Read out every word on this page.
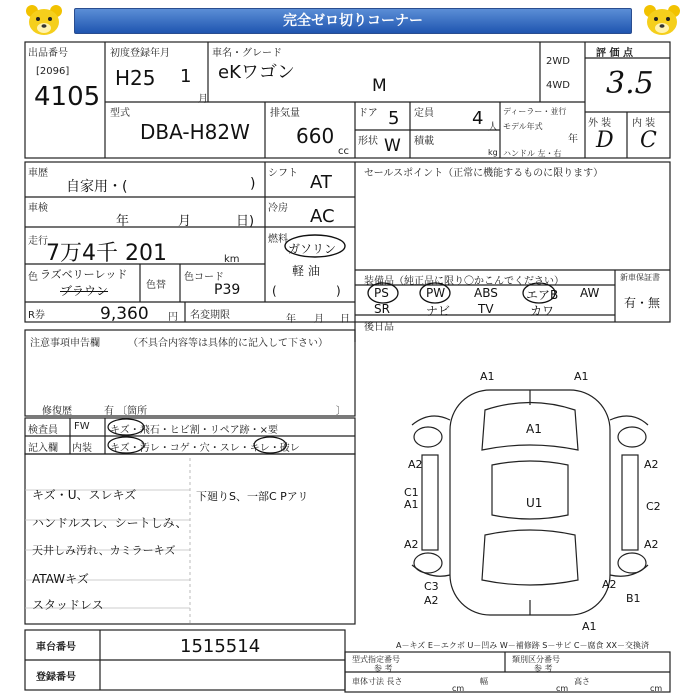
完全ゼロ切りコーナー
出品番号
[2096]
4105
初度登録年月
H25 1
月
車名・グレード
eKワゴン
M
2WD
4WD
評 価 点
3.5
型式
DBA-H82W
排気量
660
cc
ドア 5 定員 4 人
形状 W 積載
kg
ディーラー・並行
モデル年式
年
ハンドル 左・右
外 装 内 装
D C
車歴
自家用・(	)
シフト AT
車検
年	月	日)
冷房 AC
走行
7万4千 201	km
燃料
ガソリン
軽 油
(	)
色 ラズベリーレッド
ブラウン	色替
色コード
P39
セールスポイント（正常に機能するものに限ります）
R券	9,360 円 名変期限	年 月 日
装備品（純正品に限り〇かこんでください）
PS	PW ABS エアB AW
SR	ナビ TV	カワ
新車保証書
有・無
後日品
注意事項申告欄	（不具合内容等は具体的に記入して下さい）
修復歴	有 〔箇所	〕
検査員
記入欄
FW キズ・飛石・ヒビ割・リペア跡・×要
内装 キズ・汚レ・コゲ・穴・スレ・キレ・破レ
キズ・U、スレキズ
ハンドルスレ、シートしみ、
天井しみ汚れ、カミラーキズ
ATAWキズ
スタッドレス
下廻りS、一部C Pアリ
A1	A1
A1
A2	A2
C1
A1	C2
U1
A2	A2
C3
A2
A2
B1
A1
車台番号	1515514
登録番号
A－キズ E－エクボ U－凹み W－補修跡 S－サビ C－腐食 XX－交換済
型式指定番号	類別区分番号
参 考	参 考
車体寸法 長さ
cm
幅
cm
高さ
cm
